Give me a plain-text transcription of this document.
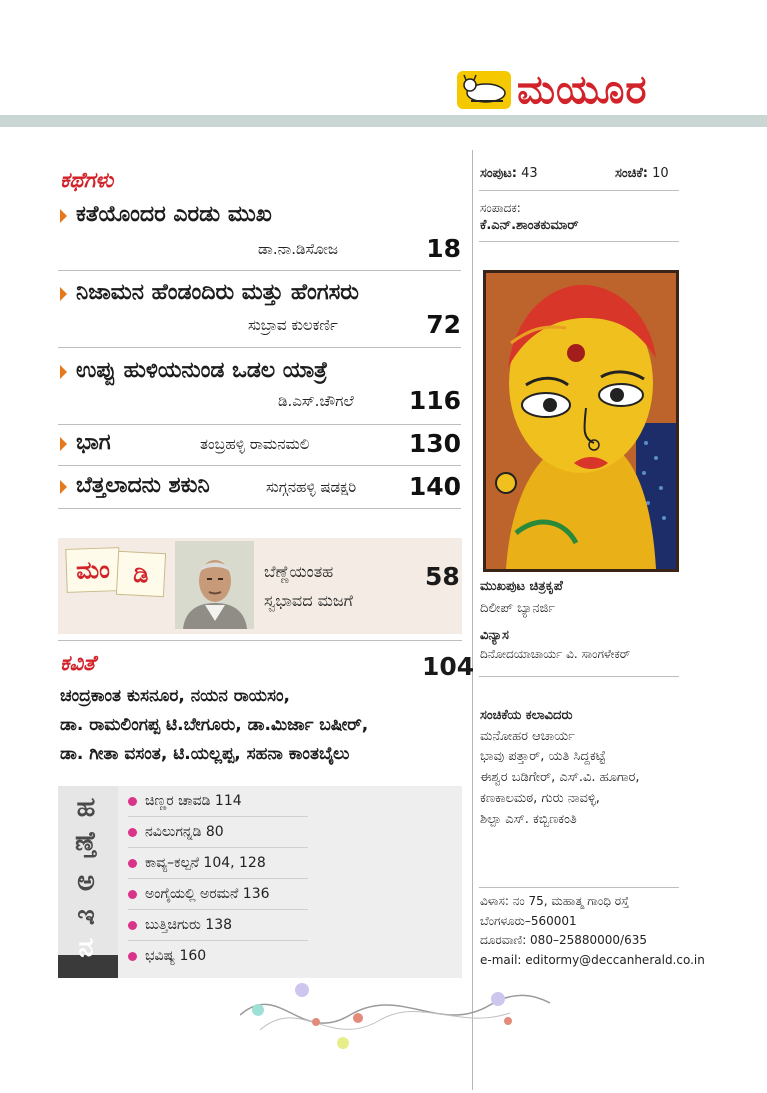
ಮಯೂರ
ಕಥೆಗಳು
ಕತೆಯೊಂದರ ಎರಡು ಮುಖ
ಡಾ.ನಾ.ಡಿಸೋಜ	18
ನಿಜಾಮನ ಹೆಂಡಂದಿರು ಮತ್ತು ಹೆಂಗಸರು
ಸುಬ್ರಾವ ಕುಲಕರ್ಣಿ	72
ಉಪ್ಪು ಹುಳಿಯನುಂಡ ಒಡಲ ಯಾತ್ರೆ
ಡಿ.ಎಸ್.ಚೌಗಲೆ 116
ಭಾಗ	ತಂಬ್ರಹಳ್ಳಿ ರಾಮನಮಲಿ	130
ಬೆತ್ತಲಾದನು ಶಕುನಿ	ಸುಗ್ಗನಹಳ್ಳಿ ಷಡಕ್ಷರಿ 140
ಮಂ ಡಿ	ಬೆಣ್ಣೆಯಂತಹ
ಸ್ವಭಾವದ ಮಜಗೆ
58
ಕವಿತೆ	104
ಚಂದ್ರಕಾಂತ ಕುಸನೂರ, ನಯನ ರಾಯಸಂ,
ಡಾ. ರಾಮಲಿಂಗಪ್ಪ ಟಿ.ಬೇಗೂರು, ಡಾ.ಮಿರ್ಜಾ ಬಷೀರ್,
ಡಾ. ಗೀತಾ ವಸಂತ, ಟಿ.ಯಲ್ಲಪ್ಪ, ಸಹನಾ ಕಾಂತಬೈಲು
ಹ
ಣ್ತೆ
ಅ
ಇ
ನ
ಚಿಣ್ಣರ ಚಾವಡಿ 114
ನವಿಲುಗನ್ನಡಿ 80
ಕಾವ್ಯ–ಕಲ್ಪನೆ 104, 128
ಅಂಗೈಯಲ್ಲಿ ಅರಮನೆ 136
ಬುತ್ತಿಚಿಗುರು 138
ಭವಿಷ್ಯ 160
ಸಂಪುಟ: 43	ಸಂಚಿಕೆ: 10
ಸಂಪಾದಕ:
ಕೆ.ಎನ್.ಶಾಂತಕುಮಾರ್
ಮುಖಪುಟ ಚಿತ್ರಕೃಪೆ
ದಿಲೀಪ್ ಬ್ಯಾನರ್ಜಿ
ವಿನ್ಯಾಸ
ದಿನೋದಯಾಚಾರ್ಯ ವಿ. ಸಾಂಗಳೇಕರ್
ಸಂಚಿಕೆಯ ಕಲಾವಿದರು
ಮನೋಹರ ಆಚಾರ್ಯ
ಭಾವು ಪತ್ತಾರ್, ಯತಿ ಸಿದ್ದಕಟ್ಟೆ
ಈಶ್ವರ ಬಡಿಗೇರ್, ಎಸ್.ವಿ. ಹೂಗಾರ,
ಕಣಕಾಲಮಠ, ಗುರು ನಾವಳ್ಳಿ,
ಶಿಲ್ಪಾ ಎಸ್. ಕಬ್ಬಿಣಕಂತಿ
ವಿಳಾಸ: ನಂ 75, ಮಹಾತ್ಮ ಗಾಂಧಿ ರಸ್ತೆ
ಬೆಂಗಳೂರು–560001
ದೂರವಾಣಿ: 080–25880000/635
e-mail: editormy@deccanherald.co.in
